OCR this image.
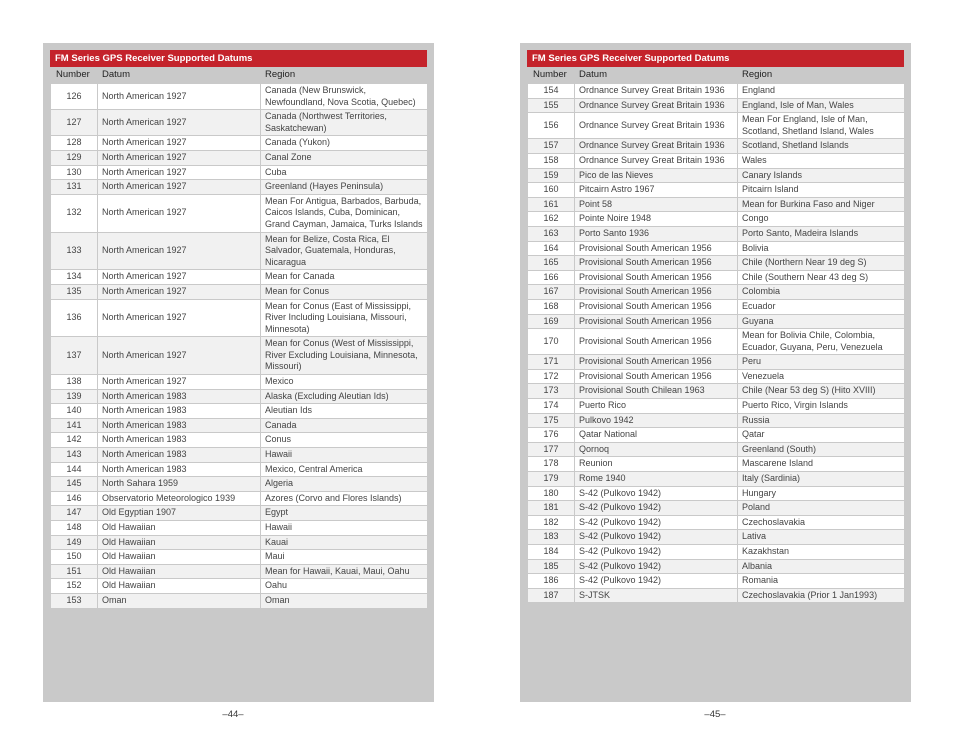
FM Series GPS Receiver Supported Datums
Number Datum	Region
126	North American 1927	Canada (New Brunswick, Newfoundland, Nova Scotia, Quebec)
127	North American 1927	Canada (Northwest Territories, Saskatchewan)
128	North American 1927	Canada (Yukon)
129	North American 1927	Canal Zone
130	North American 1927	Cuba
131	North American 1927	Greenland (Hayes Peninsula)
132	North American 1927	Mean For Antigua, Barbados, Barbuda, Caicos Islands, Cuba, Dominican, Grand Cayman, Jamaica, Turks Islands
133	North American 1927	Mean for Belize, Costa Rica, El Salvador, Guatemala, Honduras, Nicaragua
134	North American 1927	Mean for Canada
135	North American 1927	Mean for Conus
136	North American 1927	Mean for Conus (East of Mississippi, River Including Louisiana, Missouri, Minnesota)
137	North American 1927	Mean for Conus (West of Mississippi, River Excluding Louisiana, Minnesota, Missouri)
138	North American 1927	Mexico
139	North American 1983	Alaska (Excluding Aleutian Ids)
140	North American 1983	Aleutian Ids
141	North American 1983	Canada
142	North American 1983	Conus
143	North American 1983	Hawaii
144	North American 1983	Mexico, Central America
145	North Sahara 1959	Algeria
146	Observatorio Meteorologico 1939	Azores (Corvo and Flores Islands)
147	Old Egyptian 1907	Egypt
148	Old Hawaiian	Hawaii
149	Old Hawaiian	Kauai
150	Old Hawaiian	Maui
151	Old Hawaiian	Mean for Hawaii, Kauai, Maui, Oahu
152	Old Hawaiian	Oahu
153	Oman	Oman
–44–
FM Series GPS Receiver Supported Datums
Number Datum	Region
154	Ordnance Survey Great Britain 1936	England
155	Ordnance Survey Great Britain 1936	England, Isle of Man, Wales
156	Ordnance Survey Great Britain 1936	Mean For England, Isle of Man, Scotland, Shetland Island, Wales
157	Ordnance Survey Great Britain 1936	Scotland, Shetland Islands
158	Ordnance Survey Great Britain 1936	Wales
159	Pico de las Nieves	Canary Islands
160	Pitcairn Astro 1967	Pitcairn Island
161	Point 58	Mean for Burkina Faso and Niger
162	Pointe Noire 1948	Congo
163	Porto Santo 1936	Porto Santo, Madeira Islands
164	Provisional South American 1956	Bolivia
165	Provisional South American 1956	Chile (Northern Near 19 deg S)
166	Provisional South American 1956	Chile (Southern Near 43 deg S)
167	Provisional South American 1956	Colombia
168	Provisional South American 1956	Ecuador
169	Provisional South American 1956	Guyana
170	Provisional South American 1956	Mean for Bolivia Chile, Colombia, Ecuador, Guyana, Peru, Venezuela
171	Provisional South American 1956	Peru
172	Provisional South American 1956	Venezuela
173	Provisional South Chilean 1963	Chile (Near 53 deg S) (Hito XVIII)
174	Puerto Rico	Puerto Rico, Virgin Islands
175	Pulkovo 1942	Russia
176	Qatar National	Qatar
177	Qornoq	Greenland (South)
178	Reunion	Mascarene Island
179	Rome 1940	Italy (Sardinia)
180	S-42 (Pulkovo 1942)	Hungary
181	S-42 (Pulkovo 1942)	Poland
182	S-42 (Pulkovo 1942)	Czechoslavakia
183	S-42 (Pulkovo 1942)	Lativa
184	S-42 (Pulkovo 1942)	Kazakhstan
185	S-42 (Pulkovo 1942)	Albania
186	S-42 (Pulkovo 1942)	Romania
187	S-JTSK	Czechoslavakia (Prior 1 Jan1993)
–45–
